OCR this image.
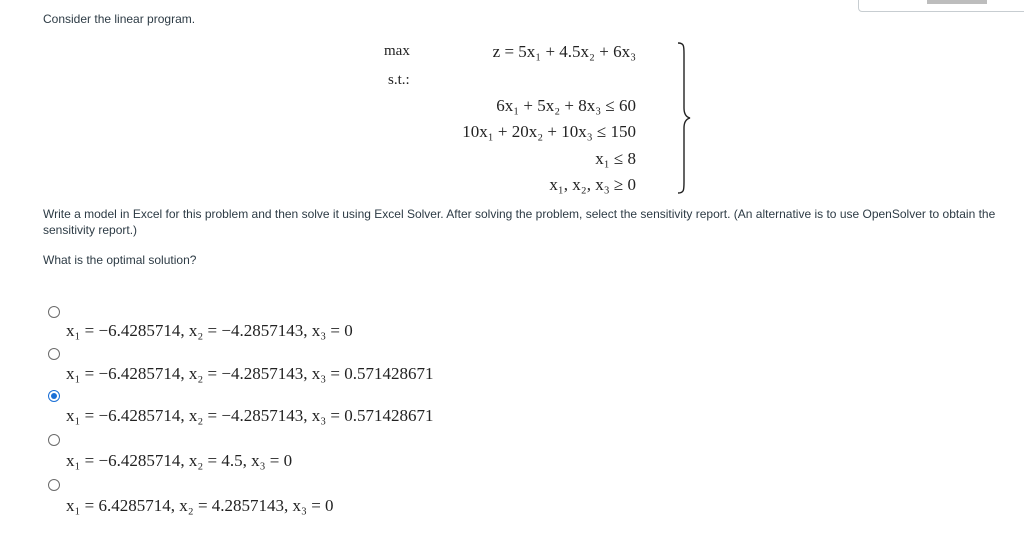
Consider the linear program.

max
s.t.:
z = 5x₁ + 4.5x₂ + 6x₃
6x₁ + 5x₂ + 8x₃ ≤ 60
10x₁ + 20x₂ + 10x₃ ≤ 150
x₁ ≤ 8
x₁, x₂, x₃ ≥ 0

Write a model in Excel for this problem and then solve it using Excel Solver. After solving the problem, select the sensitivity report. (An alternative is to use OpenSolver to obtain the sensitivity report.)

What is the optimal solution?

x₁ = −6.4285714, x₂ = −4.2857143, x₃ = 0
x₁ = −6.4285714, x₂ = −4.2857143, x₃ = 0.571428671
x₁ = −6.4285714, x₂ = −4.2857143, x₃ = 0.571428671
x₁ = −6.4285714, x₂ = 4.5, x₃ = 0
x₁ = 6.4285714, x₂ = 4.2857143, x₃ = 0
